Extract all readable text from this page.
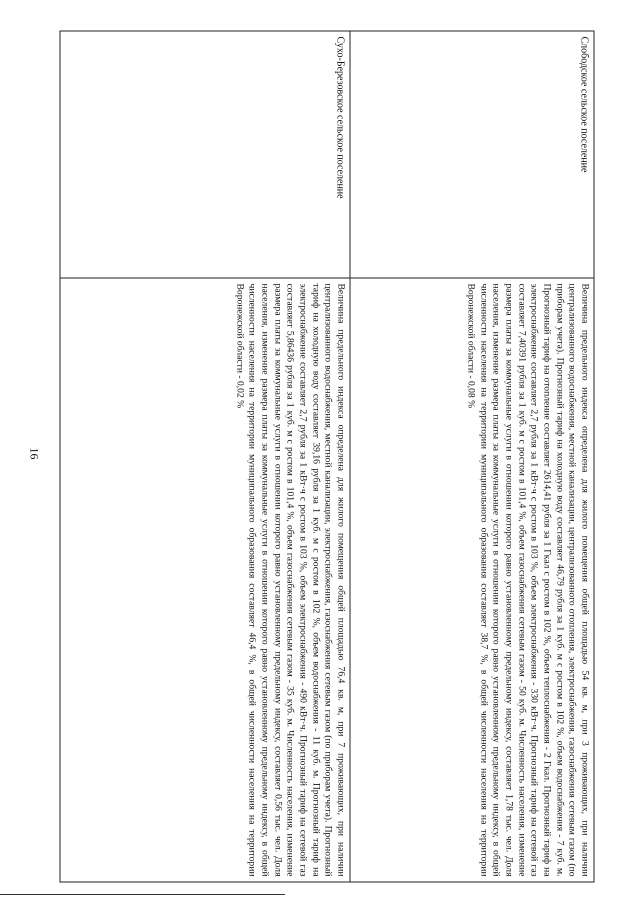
16
Слободское сельское поселение	Величина предельного индекса определена для жилого помещения общей площадью 54 кв. м, при 3 проживающих, при наличии централизованного водоснабжения, местной канализации, централизованного отопления, электроснабжения, газоснабжения сетевым газом (по приборам учета). Прогнозный тариф на холодную воду составляет 46,79 рубля за 1 куб. м с ростом в 102 %, объем водоснабжения - 7 куб. м. Прогнозный тариф на отопление составляет 2614,41 рубля за 1 Гкал с ростом в 102 %, объем теплоснабжения - 2 Гкал. Прогнозный тариф на электроснабжение составляет 2,7 рубля за 1 кВт·ч с ростом в 103 %, объем электроснабжения - 330 кВт·ч. Прогнозный тариф на сетевой газ составляет 7,40391 рубля за 1 куб. м с ростом в 101,4 %, объем газоснабжения сетевым газом - 50 куб. м. Численность населения, изменение размера платы за коммунальные услуги в отношении которого равно установленному предельному индексу, составляет 1,78 тыс. чел. Доля населения, изменение размера платы за коммунальные услуги в отношении которого равно установленному предельному индексу, в общей численности населения на территории муниципального образования составляет 38,7 %, в общей численности населения на территории Воронежской области - 0,08 %
Сухо-Березовское сельское поселение	Величина предельного индекса определена для жилого помещения общей площадью 76,4 кв. м, при 7 проживающих, при наличии централизованного водоснабжения, местной канализации, электроснабжения, газоснабжения сетевым газом (по приборам учета). Прогнозный тариф на холодную воду составляет 39,16 рубля за 1 куб. м с ростом в 102 %, объем водоснабжения - 11 куб. м. Прогнозный тариф на электроснабжение составляет 2,7 рубля за 1 кВт·ч с ростом в 103 %, объем электроснабжения - 490 кВт·ч. Прогнозный тариф на сетевой газ составляет 5,86436 рубля за 1 куб. м с ростом в 101,4 %, объем газоснабжения сетевым газом - 35 куб. м. Численность населения, изменение размера платы за коммунальные услуги в отношении которого равно установленному предельному индексу, составляет 0,56 тыс. чел. Доля населения, изменение размера платы за коммунальные услуги в отношении которого равно установленному предельному индексу, в общей численности населения на территории муниципального образования составляет 46,4 %, в общей численности населения на территории Воронежской области - 0,02 %
